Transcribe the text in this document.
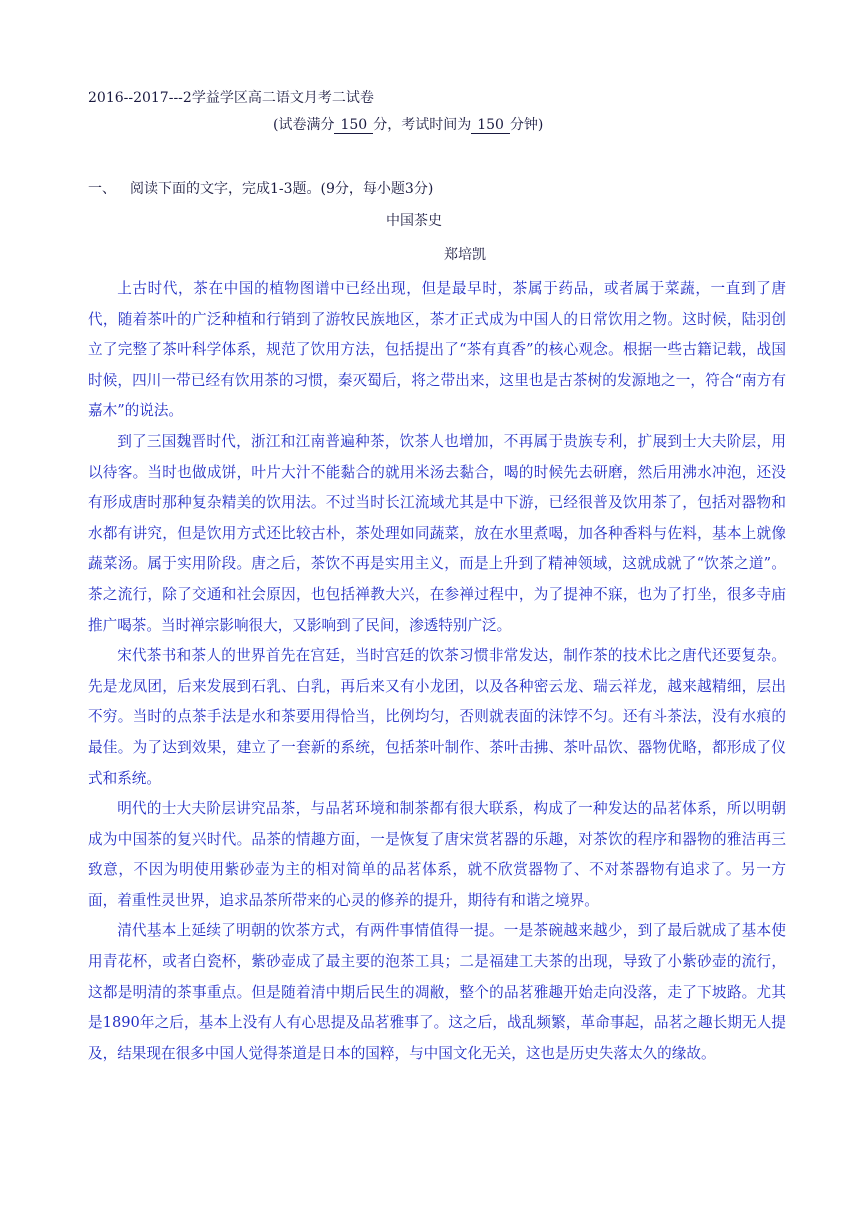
2016--2017---2学益学区高二语文月考二试卷
(试卷满分 150 分，考试时间为 150 分钟)
一、 阅读下面的文字，完成1-3题。(9分，每小题3分)
中国茶史
郑培凯

上古时代，茶在中国的植物图谱中已经出现，但是最早时，茶属于药品，或者属于菜蔬，一直到了唐代，随着茶叶的广泛种植和行销到了游牧民族地区，茶才正式成为中国人的日常饮用之物。这时候，陆羽创立了完整了茶叶科学体系，规范了饮用方法，包括提出了“茶有真香”的核心观念。根据一些古籍记载，战国时候，四川一带已经有饮用茶的习惯，秦灭蜀后，将之带出来，这里也是古茶树的发源地之一，符合“南方有嘉木”的说法。

到了三国魏晋时代，浙江和江南普遍种茶，饮茶人也增加，不再属于贵族专利，扩展到士大夫阶层，用以待客。当时也做成饼，叶片大汁不能黏合的就用米汤去黏合，喝的时候先去研磨，然后用沸水冲泡，还没有形成唐时那种复杂精美的饮用法。不过当时长江流域尤其是中下游，已经很普及饮用茶了，包括对器物和水都有讲究，但是饮用方式还比较古朴，茶处理如同蔬菜，放在水里煮喝，加各种香料与佐料，基本上就像蔬菜汤。属于实用阶段。唐之后，茶饮不再是实用主义，而是上升到了精神领域，这就成就了“饮茶之道”。茶之流行，除了交通和社会原因，也包括禅教大兴，在参禅过程中，为了提神不寐，也为了打坐，很多寺庙推广喝茶。当时禅宗影响很大，又影响到了民间，渗透特别广泛。

宋代茶书和茶人的世界首先在宫廷，当时宫廷的饮茶习惯非常发达，制作茶的技术比之唐代还要复杂。先是龙凤团，后来发展到石乳、白乳，再后来又有小龙团，以及各种密云龙、瑞云祥龙，越来越精细，层出不穷。当时的点茶手法是水和茶要用得恰当，比例均匀，否则就表面的沫饽不匀。还有斗茶法，没有水痕的最佳。为了达到效果，建立了一套新的系统，包括茶叶制作、茶叶击拂、茶叶品饮、器物优略，都形成了仪式和系统。

明代的士大夫阶层讲究品茶，与品茗环境和制茶都有很大联系，构成了一种发达的品茗体系，所以明朝成为中国茶的复兴时代。品茶的情趣方面，一是恢复了唐宋赏茗器的乐趣，对茶饮的程序和器物的雅洁再三致意，不因为明使用紫砂壶为主的相对简单的品茗体系，就不欣赏器物了、不对茶器物有追求了。另一方面，着重性灵世界，追求品茶所带来的心灵的修养的提升，期待有和谐之境界。

清代基本上延续了明朝的饮茶方式，有两件事情值得一提。一是茶碗越来越少，到了最后就成了基本使用青花杯，或者白瓷杯，紫砂壶成了最主要的泡茶工具；二是福建工夫茶的出现，导致了小紫砂壶的流行，这都是明清的茶事重点。但是随着清中期后民生的凋敝，整个的品茗雅趣开始走向没落，走了下坡路。尤其是1890年之后，基本上没有人有心思提及品茗雅事了。这之后，战乱频繁，革命事起，品茗之趣长期无人提及，结果现在很多中国人觉得茶道是日本的国粹，与中国文化无关，这也是历史失落太久的缘故。
